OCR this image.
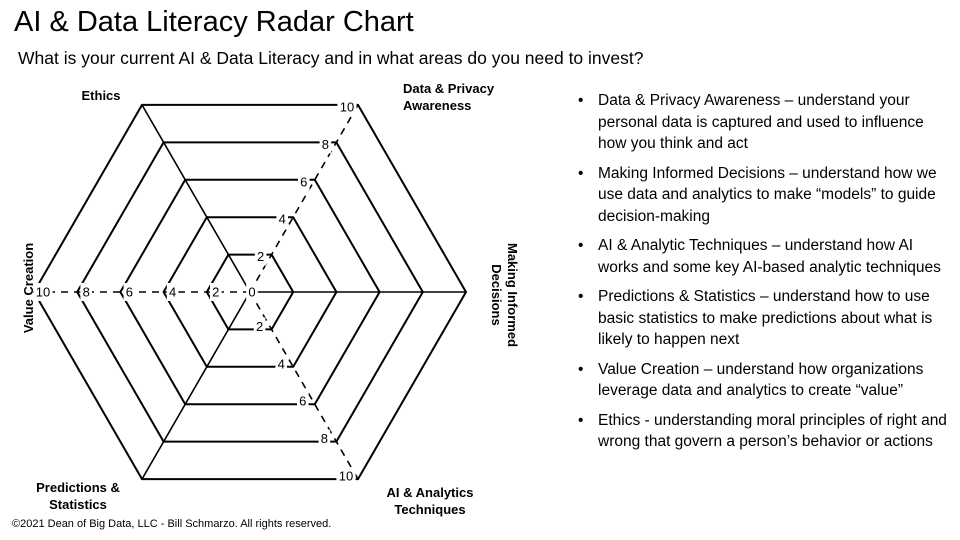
AI & Data Literacy Radar Chart

What is your current AI & Data Literacy and in what areas do you need to invest?

0
2
4
6
8
10
2
4
6
8
10
2
4
6
8
10
Ethics	Data & Privacy
Awareness
Making Informed
Decisions
AI & Analytics
Techniques
Predictions &
Statistics
Value Creation
• Data & Privacy Awareness – understand your personal data is captured and used to influence how you think and act
• Making Informed Decisions – understand how we use data and analytics to make “models” to guide decision-making
• AI & Analytic Techniques – understand how AI works and some key AI-based analytic techniques
• Predictions & Statistics – understand how to use basic statistics to make predictions about what is likely to happen next
• Value Creation – understand how organizations leverage data and analytics to create “value”
• Ethics - understanding moral principles of right and wrong that govern a person’s behavior or actions
©2021 Dean of Big Data, LLC - Bill Schmarzo. All rights reserved.
